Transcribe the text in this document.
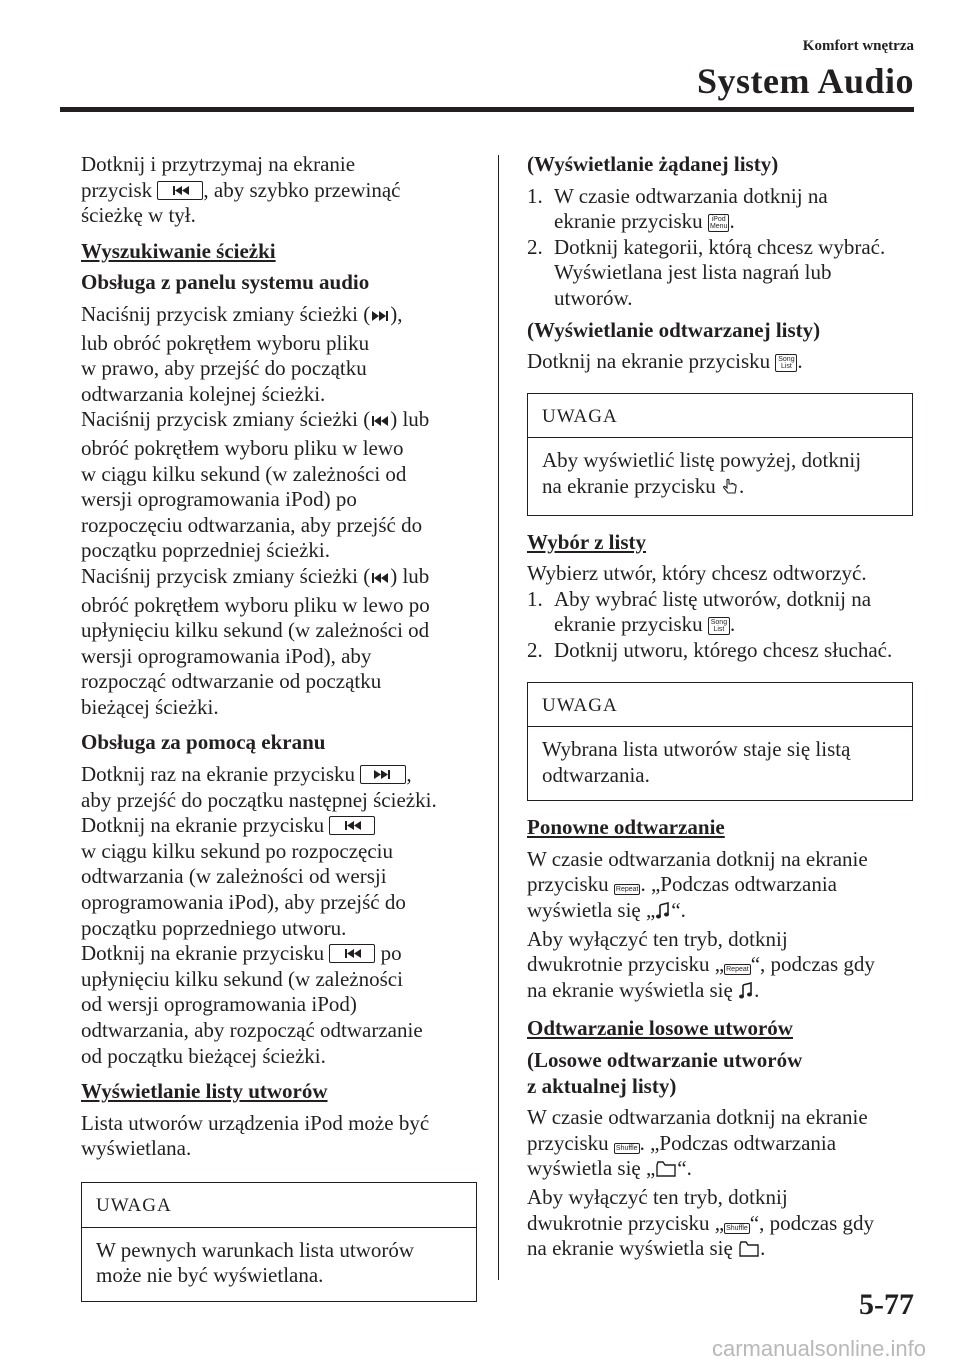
Komfort wnętrza
System Audio

Dotknij i przytrzymaj na ekranie
przycisk
, aby szybko przewinąć
ścieżkę w tył.

Wyszukiwanie ścieżki
Obsługa z panelu systemu audio

Naciśnij przycisk zmiany ścieżki ( ),
lub obróć pokrętłem wyboru pliku
w prawo, aby przejść do początku
odtwarzania kolejnej ścieżki.

Naciśnij przycisk zmiany ścieżki ( ) lub
obróć pokrętłem wyboru pliku w lewo
w ciągu kilku sekund (w zależności od
wersji oprogramowania iPod) po
rozpoczęciu odtwarzania, aby przejść do
początku poprzedniej ścieżki.

Naciśnij przycisk zmiany ścieżki ( ) lub
obróć pokrętłem wyboru pliku w lewo po
upłynięciu kilku sekund (w zależności od
wersji oprogramowania iPod), aby
rozpocząć odtwarzanie od początku
bieżącej ścieżki.

Obsługa za pomocą ekranu

Dotknij raz na ekranie przycisku
,
aby przejść do początku następnej ścieżki.

Dotknij na ekranie przycisku

w ciągu kilku sekund po rozpoczęciu
odtwarzania (w zależności od wersji
oprogramowania iPod), aby przejść do
początku poprzedniego utworu.

Dotknij na ekranie przycisku
po
upłynięciu kilku sekund (w zależności
od wersji oprogramowania iPod)
odtwarzania, aby rozpocząć odtwarzanie
od początku bieżącej ścieżki.

Wyświetlanie listy utworów

Lista utworów urządzenia iPod może być
wyświetlana.

UWAGA
W pewnych warunkach lista utworów
może nie być wyświetlana.
(Wyświetlanie żądanej listy)
1. W czasie odtwarzania dotknij na
ekranie przycisku iPod
Menu.
2. Dotknij kategorii, którą chcesz wybrać.
Wyświetlana jest lista nagrań lub
utworów.
(Wyświetlanie odtwarzanej listy)

Dotknij na ekranie przycisku Song
List .

UWAGA
Aby wyświetlić listę powyżej, dotknij
na ekranie przycisku .
Wybór z listy

Wybierz utwór, który chcesz odtworzyć.

1. Aby wybrać listę utworów, dotknij na
ekranie przycisku Song
List .
2. Dotknij utworu, którego chcesz słuchać.
UWAGA
Wybrana lista utworów staje się listą
odtwarzania.
Ponowne odtwarzanie

W czasie odtwarzania dotknij na ekranie
przycisku Repeat. „Podczas odtwarzania
wyświetla się „ “.

Aby wyłączyć ten tryb, dotknij
dwukrotnie przycisku „ Repeat“, podczas gdy
na ekranie wyświetla się .

Odtwarzanie losowe utworów
(Losowe odtwarzanie utworów
z aktualnej listy)

W czasie odtwarzania dotknij na ekranie
przycisku Shuffle. „Podczas odtwarzania
wyświetla się „ “.

Aby wyłączyć ten tryb, dotknij
dwukrotnie przycisku „ Shuffle“, podczas gdy
na ekranie wyświetla się .

5-77
carmanualsonline.info
